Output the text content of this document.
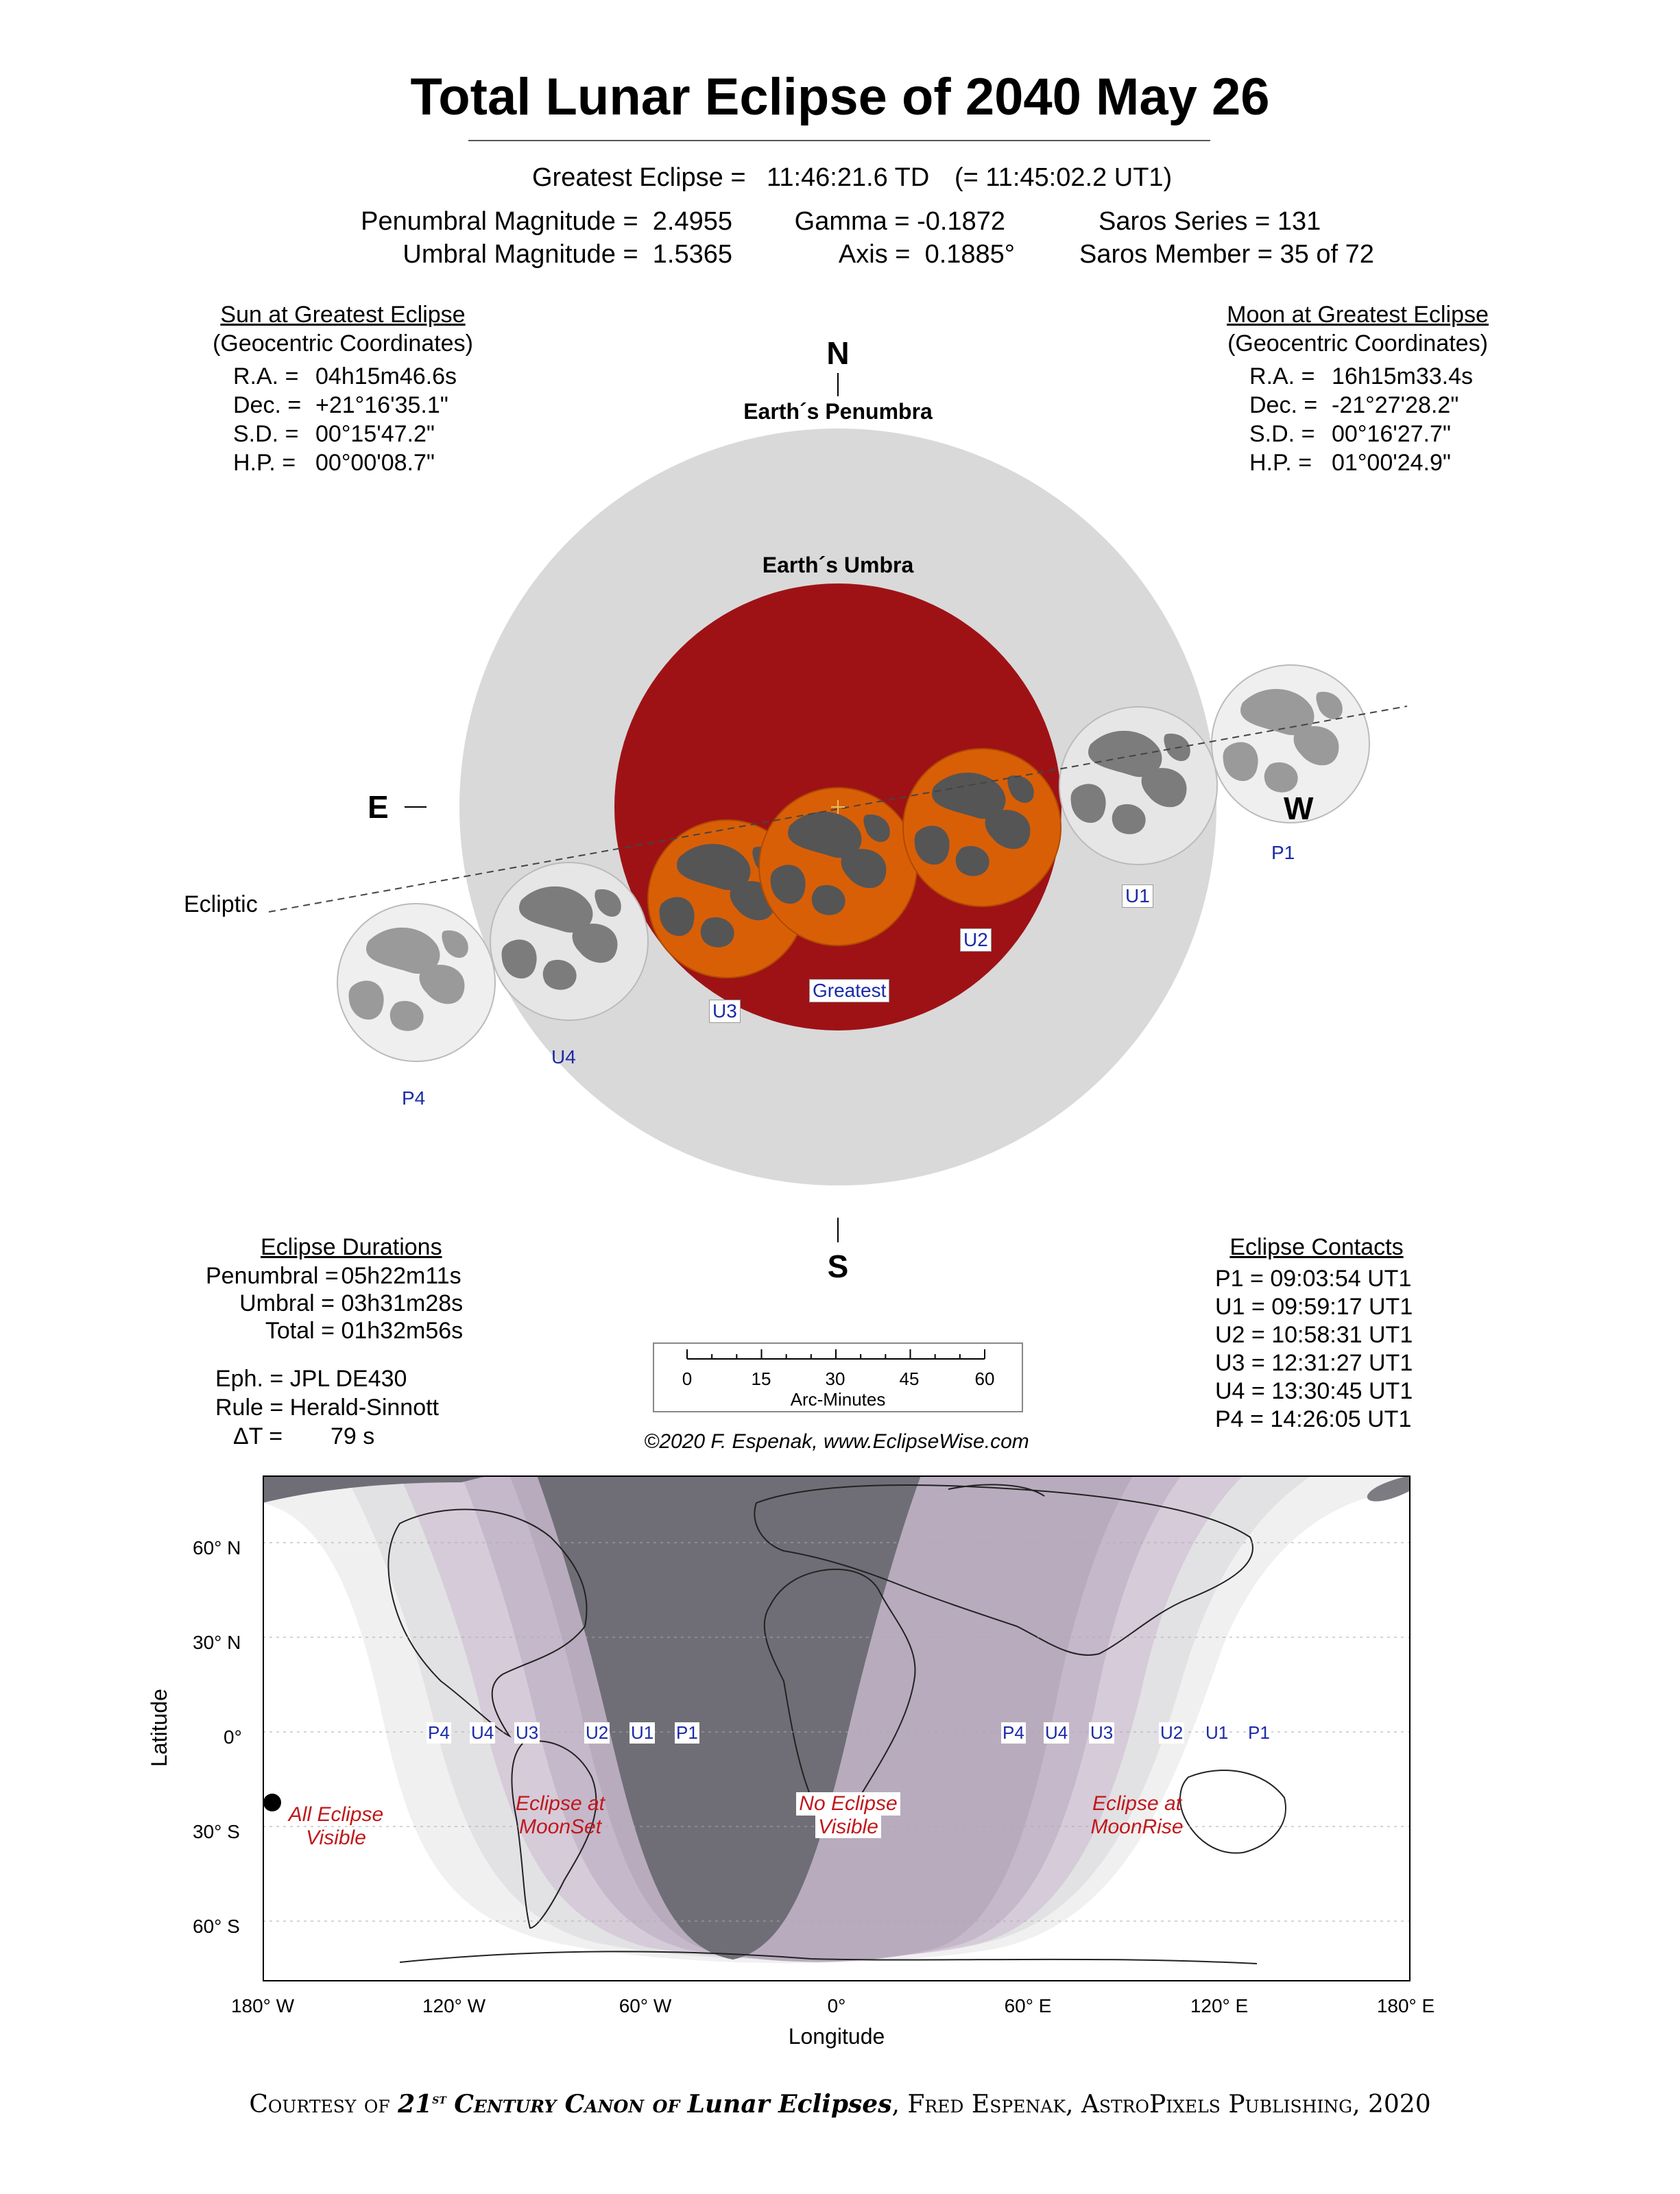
Total Lunar Eclipse of 2040 May 26
Greatest Eclipse = 11:46:21.6 TD (= 11:45:02.2 UT1)
Penumbral Magnitude =  2.4955
Umbral Magnitude =  1.5365
Gamma = -0.1872
Axis =  0.1885°
Saros Series = 131
Saros Member = 35 of 72
Sun at Greatest Eclipse
(Geocentric Coordinates)
R.A. = 04h15m46.6s
Dec. = +21°16'35.1"
S.D. = 00°15'47.2"
H.P. = 00°00'08.7"
Moon at Greatest Eclipse
(Geocentric Coordinates)
R.A. = 16h15m33.4s
Dec. = -21°27'28.2"
S.D. = 00°16'27.7"
H.P. = 01°00'24.9"
N
S
E	W
Earth´s Penumbra
Earth´s Umbra
Ecliptic
P1
U1
U2
Greatest
U3
U4
P4
Eclipse Durations
Penumbral = 05h22m11s
Umbral = 03h31m28s
Total = 01h32m56s
Eph. = JPL DE430
Rule = Herald-Sinnott
ΔT = 79 s
0	15	30	45	60
Arc-Minutes
©2020 F. Espenak, www.EclipseWise.com
Eclipse Contacts
P1 = 09:03:54 UT1
U1 = 09:59:17 UT1
U2 = 10:58:31 UT1
U3 = 12:31:27 UT1
U4 = 13:30:45 UT1
P4 = 14:26:05 UT1
60° N
30° N
0°
30° S
60° S
Latitude
180° W	120° W	60° W	0°	60° E	120° E	180° E
Longitude
P4 U4 U3	U2 U1 P1	P4 U4 U3	U2 U1 P1
All Eclipse
Visible
Eclipse at
MoonSet
No Eclipse
Visible
Eclipse at
MoonRise
Courtesy of 21st Century Canon of Lunar Eclipses, Fred Espenak, AstroPixels Publishing, 2020
